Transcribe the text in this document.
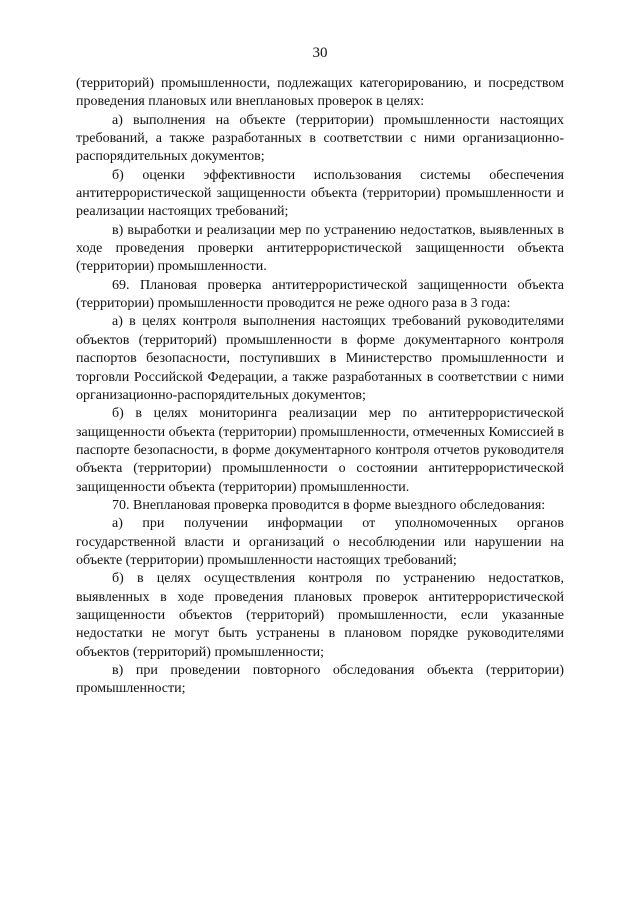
30

(территорий) промышленности, подлежащих категорированию, и посредством проведения плановых или внеплановых проверок в целях:

а) выполнения на объекте (территории) промышленности настоящих требований, а также разработанных в соответствии с ними организационно-распорядительных документов;

б) оценки эффективности использования системы обеспечения антитеррористической защищенности объекта (территории) промышленности и реализации настоящих требований;

в) выработки и реализации мер по устранению недостатков, выявленных в ходе проведения проверки антитеррористической защищенности объекта (территории) промышленности.

69. Плановая проверка антитеррористической защищенности объекта (территории) промышленности проводится не реже одного раза в 3 года:

а) в целях контроля выполнения настоящих требований руководителями объектов (территорий) промышленности в форме документарного контроля паспортов безопасности, поступивших в Министерство промышленности и торговли Российской Федерации, а также разработанных в соответствии с ними организационно-распорядительных документов;

б) в целях мониторинга реализации мер по антитеррористической защищенности объекта (территории) промышленности, отмеченных Комиссией в паспорте безопасности, в форме документарного контроля отчетов руководителя объекта (территории) промышленности о состоянии антитеррористической защищенности объекта (территории) промышленности.

70. Внеплановая проверка проводится в форме выездного обследования:

а) при получении информации от уполномоченных органов государственной власти и организаций о несоблюдении или нарушении на объекте (территории) промышленности настоящих требований;

б) в целях осуществления контроля по устранению недостатков, выявленных в ходе проведения плановых проверок антитеррористической защищенности объектов (территорий) промышленности, если указанные недостатки не могут быть устранены в плановом порядке руководителями объектов (территорий) промышленности;

в) при проведении повторного обследования объекта (территории) промышленности;
